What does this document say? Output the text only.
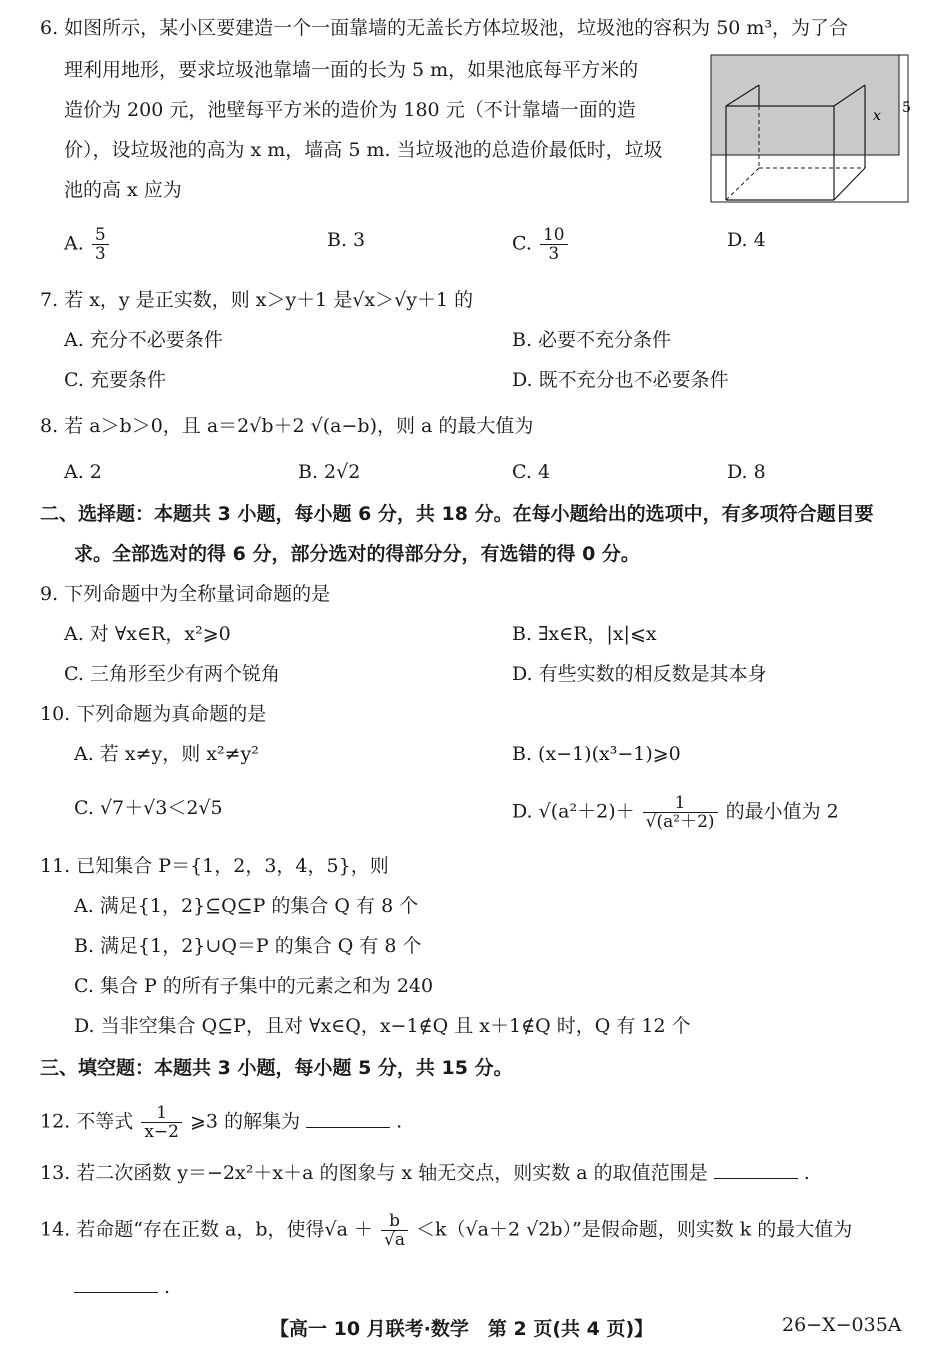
6. 如图所示，某小区要建造一个一面靠墙的无盖长方体垃圾池，垃圾池的容积为 50 m³，为了合
理利用地形，要求垃圾池靠墙一面的长为 5 m，如果池底每平方米的
造价为 200 元，池壁每平方米的造价为 180 元（不计靠墙一面的造
价），设垃圾池的高为 x m，墙高 5 m. 当垃圾池的总造价最低时，垃圾
池的高 x 应为
x 5
A. $\frac{5}{3}$	B. 3	C. $\frac{10}{3}$	D. 4
7. 若 x，y 是正实数，则 x＞y＋1 是√x＞√y＋1 的
A. 充分不必要条件	B. 必要不充分条件
C. 充要条件	D. 既不充分也不必要条件
8. 若 a＞b＞0，且 a＝2√b＋2 √(a−b)，则 a 的最大值为
A. 2	B. 2√2	C. 4	D. 8
二、选择题：本题共 3 小题，每小题 6 分，共 18 分。在每小题给出的选项中，有多项符合题目要
求。全部选对的得 6 分，部分选对的得部分分，有选错的得 0 分。
9. 下列命题中为全称量词命题的是
A. 对 ∀x∈R，x²⩾0	B. ∃x∈R，|x|⩽x
C. 三角形至少有两个锐角	D. 有些实数的相反数是其本身
10. 下列命题为真命题的是
A. 若 x≠y，则 x²≠y²	B. (x−1)(x³−1)⩾0
C. √7＋√3＜2√5	D. $√(a^2+2)+ \frac{1}{\text{√(a²＋2)}}$ 的最小值为 2
11. 已知集合 P＝{1，2，3，4，5}，则
A. 满足{1，2}⊆Q⊆P 的集合 Q 有 8 个
B. 满足{1，2}∪Q＝P 的集合 Q 有 8 个
C. 集合 P 的所有子集中的元素之和为 240
D. 当非空集合 Q⊆P，且对 ∀x∈Q，x−1∉Q 且 x＋1∉Q 时，Q 有 12 个
三、填空题：本题共 3 小题，每小题 5 分，共 15 分。
12. 不等式 $\frac{1}{x-2}$ ⩾3 的解集为	.
13. 若二次函数 y＝−2x²＋x＋a 的图象与 x 轴无交点，则实数 a 的取值范围是	.
14. 若命题“存在正数 a，b，使得$√a + \frac{b}{√a} <k(√a+2$ √2b）”是假命题，则实数 k 的最大值为
.
【高一 10 月联考·数学　第 2 页(共 4 页)】	26−X−035A
